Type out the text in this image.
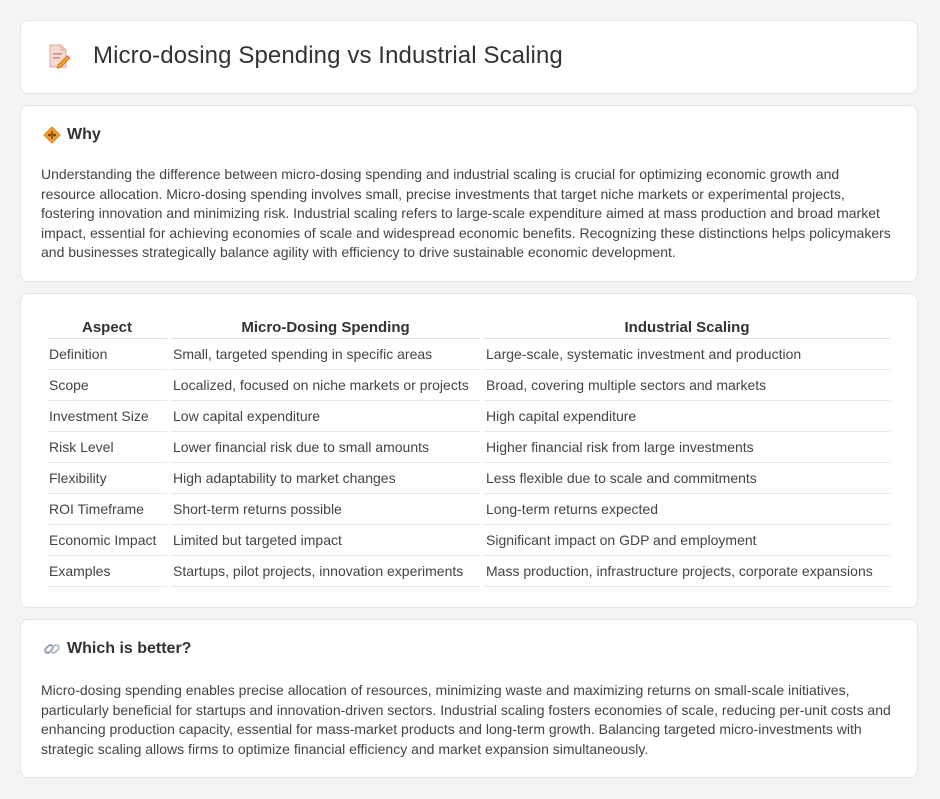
Micro-dosing Spending vs Industrial Scaling
Why

Understanding the difference between micro-dosing spending and industrial scaling is crucial for optimizing economic growth and resource allocation. Micro-dosing spending involves small, precise investments that target niche markets or experimental projects, fostering innovation and minimizing risk. Industrial scaling refers to large-scale expenditure aimed at mass production and broad market impact, essential for achieving economies of scale and widespread economic benefits. Recognizing these distinctions helps policymakers and businesses strategically balance agility with efficiency to drive sustainable economic development.

Aspect	Micro-Dosing Spending	Industrial Scaling
Definition	Small, targeted spending in specific areas	Large-scale, systematic investment and production
Scope	Localized, focused on niche markets or projects	Broad, covering multiple sectors and markets
Investment Size	Low capital expenditure	High capital expenditure
Risk Level	Lower financial risk due to small amounts	Higher financial risk from large investments
Flexibility	High adaptability to market changes	Less flexible due to scale and commitments
ROI Timeframe	Short-term returns possible	Long-term returns expected
Economic Impact	Limited but targeted impact	Significant impact on GDP and employment
Examples	Startups, pilot projects, innovation experiments	Mass production, infrastructure projects, corporate expansions
Which is better?

Micro-dosing spending enables precise allocation of resources, minimizing waste and maximizing returns on small-scale initiatives, particularly beneficial for startups and innovation-driven sectors. Industrial scaling fosters economies of scale, reducing per-unit costs and enhancing production capacity, essential for mass-market products and long-term growth. Balancing targeted micro-investments with strategic scaling allows firms to optimize financial efficiency and market expansion simultaneously.
